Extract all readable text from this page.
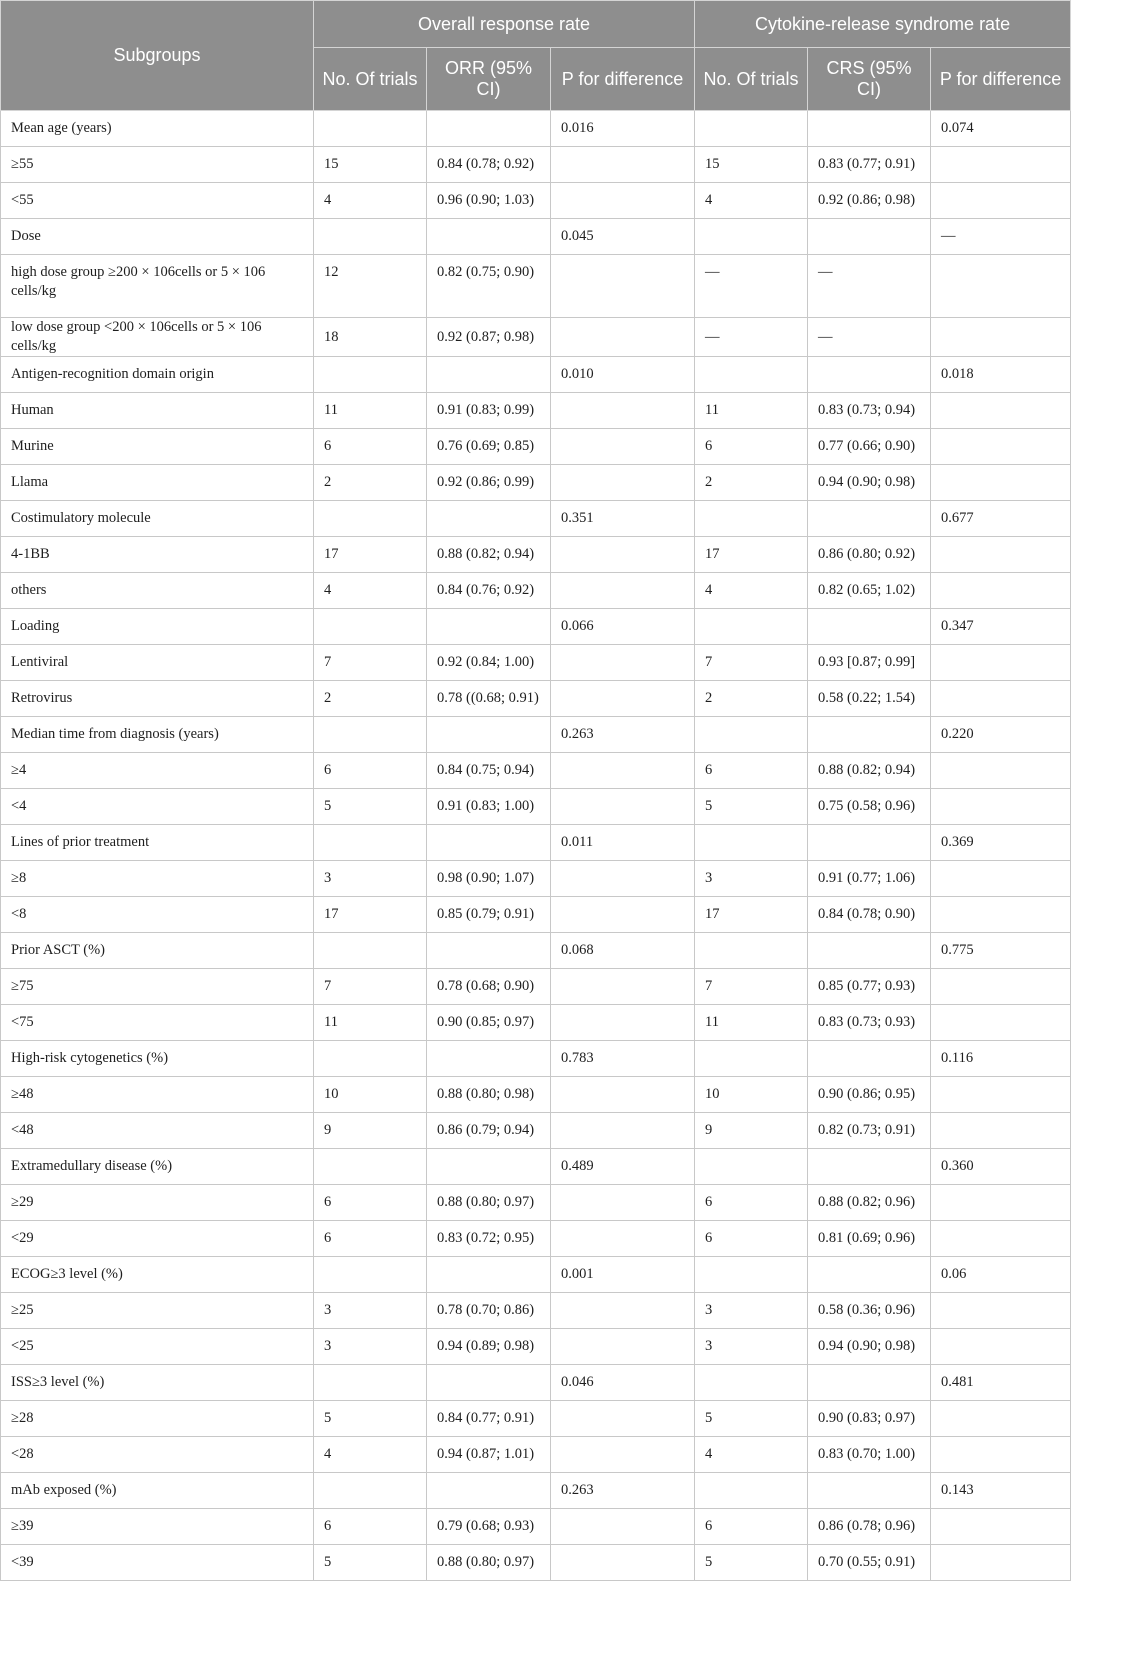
Subgroups	Overall response rate			Cytokine-release syndrome rate		
	No. Of trials	ORR (95% CI)	P for difference	No. Of trials	CRS (95% CI)	P for difference
Mean age (years)			0.016			0.074
≥55	15	0.84 (0.78; 0.92)		15	0.83 (0.77; 0.91)	
<55	4	0.96 (0.90; 1.03)		4	0.92 (0.86; 0.98)	
Dose			0.045			—
high dose group ≥200 × 106cells or 5 × 106 cells/kg	12	0.82 (0.75; 0.90)		—	—	
low dose group <200 × 106cells or 5 × 106 cells/kg	18	0.92 (0.87; 0.98)		—	—	
Antigen-recognition domain origin			0.010			0.018
Human	11	0.91 (0.83; 0.99)		11	0.83 (0.73; 0.94)	
Murine	6	0.76 (0.69; 0.85)		6	0.77 (0.66; 0.90)	
Llama	2	0.92 (0.86; 0.99)		2	0.94 (0.90; 0.98)	
Costimulatory molecule			0.351			0.677
4-1BB	17	0.88 (0.82; 0.94)		17	0.86 (0.80; 0.92)	
others	4	0.84 (0.76; 0.92)		4	0.82 (0.65; 1.02)	
Loading			0.066			0.347
Lentiviral	7	0.92 (0.84; 1.00)		7	0.93 [0.87; 0.99]	
Retrovirus	2	0.78 ((0.68; 0.91)		2	0.58 (0.22; 1.54)	
Median time from diagnosis (years)			0.263			0.220
≥4	6	0.84 (0.75; 0.94)		6	0.88 (0.82; 0.94)	
<4	5	0.91 (0.83; 1.00)		5	0.75 (0.58; 0.96)	
Lines of prior treatment			0.011			0.369
≥8	3	0.98 (0.90; 1.07)		3	0.91 (0.77; 1.06)	
<8	17	0.85 (0.79; 0.91)		17	0.84 (0.78; 0.90)	
Prior ASCT (%)			0.068			0.775
≥75	7	0.78 (0.68; 0.90)		7	0.85 (0.77; 0.93)	
<75	11	0.90 (0.85; 0.97)		11	0.83 (0.73; 0.93)	
High-risk cytogenetics (%)			0.783			0.116
≥48	10	0.88 (0.80; 0.98)		10	0.90 (0.86; 0.95)	
<48	9	0.86 (0.79; 0.94)		9	0.82 (0.73; 0.91)	
Extramedullary disease (%)			0.489			0.360
≥29	6	0.88 (0.80; 0.97)		6	0.88 (0.82; 0.96)	
<29	6	0.83 (0.72; 0.95)		6	0.81 (0.69; 0.96)	
ECOG≥3 level (%)			0.001			0.06
≥25	3	0.78 (0.70; 0.86)		3	0.58 (0.36; 0.96)	
<25	3	0.94 (0.89; 0.98)		3	0.94 (0.90; 0.98)	
ISS≥3 level (%)			0.046			0.481
≥28	5	0.84 (0.77; 0.91)		5	0.90 (0.83; 0.97)	
<28	4	0.94 (0.87; 1.01)		4	0.83 (0.70; 1.00)	
mAb exposed (%)			0.263			0.143
≥39	6	0.79 (0.68; 0.93)		6	0.86 (0.78; 0.96)	
<39	5	0.88 (0.80; 0.97)		5	0.70 (0.55; 0.91)	
